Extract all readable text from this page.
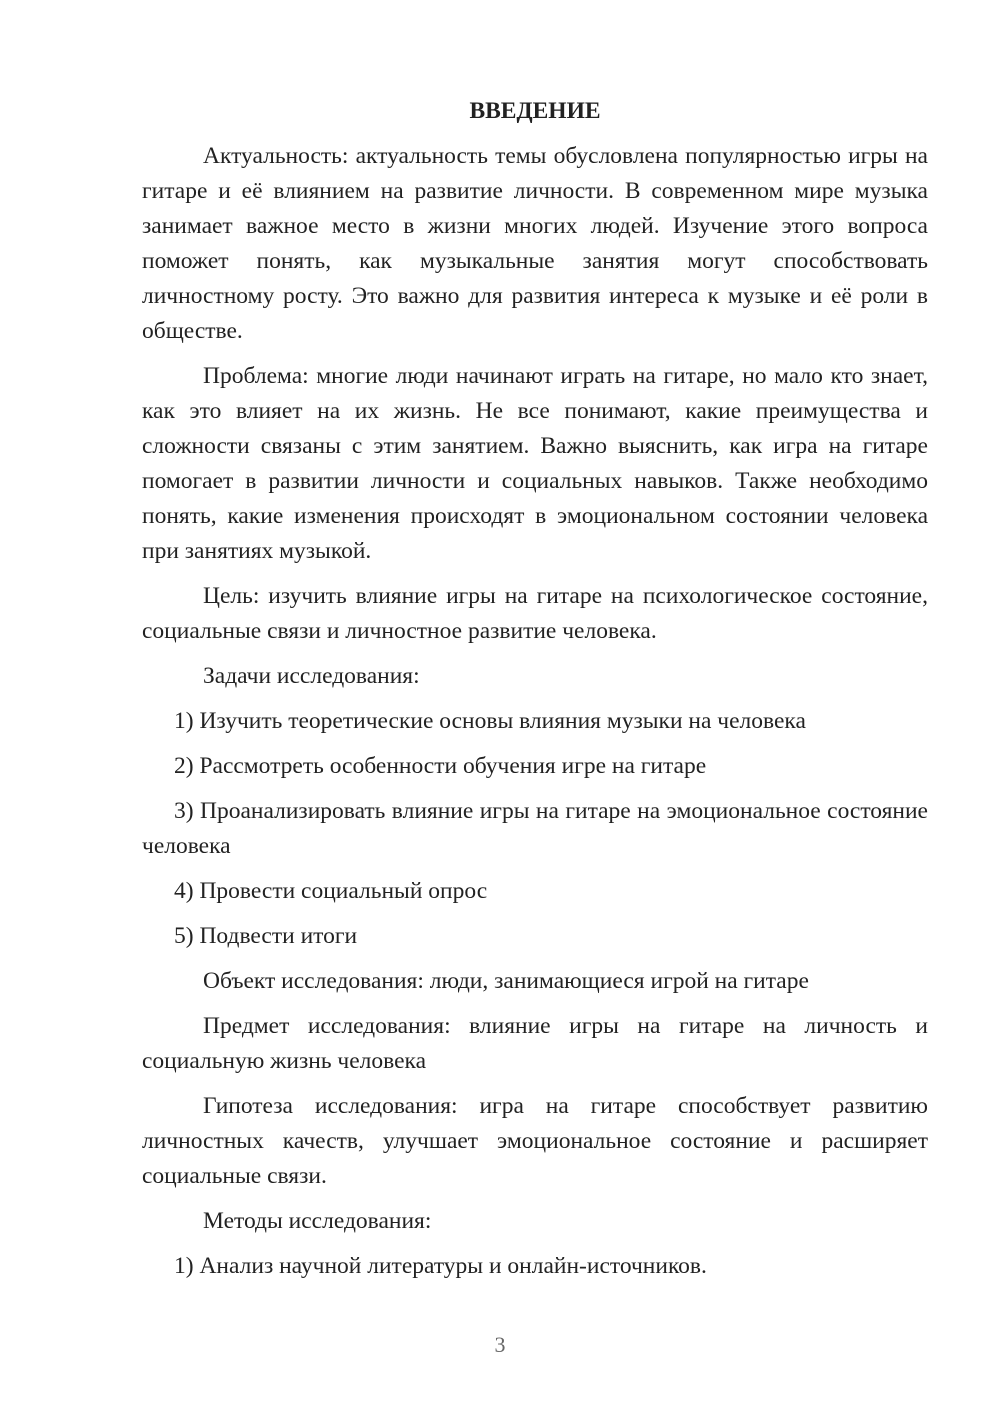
ВВЕДЕНИЕ

Актуальность: актуальность темы обусловлена популярностью игры на гитаре и её влиянием на развитие личности. В современном мире музыка занимает важное место в жизни многих людей. Изучение этого вопроса поможет понять, как музыкальные занятия могут способствовать личностному росту. Это важно для развития интереса к музыке и её роли в обществе.

Проблема: многие люди начинают играть на гитаре, но мало кто знает, как это влияет на их жизнь. Не все понимают, какие преимущества и сложности связаны с этим занятием. Важно выяснить, как игра на гитаре помогает в развитии личности и социальных навыков. Также необходимо понять, какие изменения происходят в эмоциональном состоянии человека при занятиях музыкой.

Цель: изучить влияние игры на гитаре на психологическое состояние, социальные связи и личностное развитие человека.

Задачи исследования:

1) Изучить теоретические основы влияния музыки на человека

2) Рассмотреть особенности обучения игре на гитаре

3) Проанализировать влияние игры на гитаре на эмоциональное состояние человека

4) Провести социальный опрос

5) Подвести итоги

Объект исследования: люди, занимающиеся игрой на гитаре

Предмет исследования: влияние игры на гитаре на личность и социальную жизнь человека

Гипотеза исследования: игра на гитаре способствует развитию личностных качеств, улучшает эмоциональное состояние и расширяет социальные связи.

Методы исследования:

1) Анализ научной литературы и онлайн-источников.

3
